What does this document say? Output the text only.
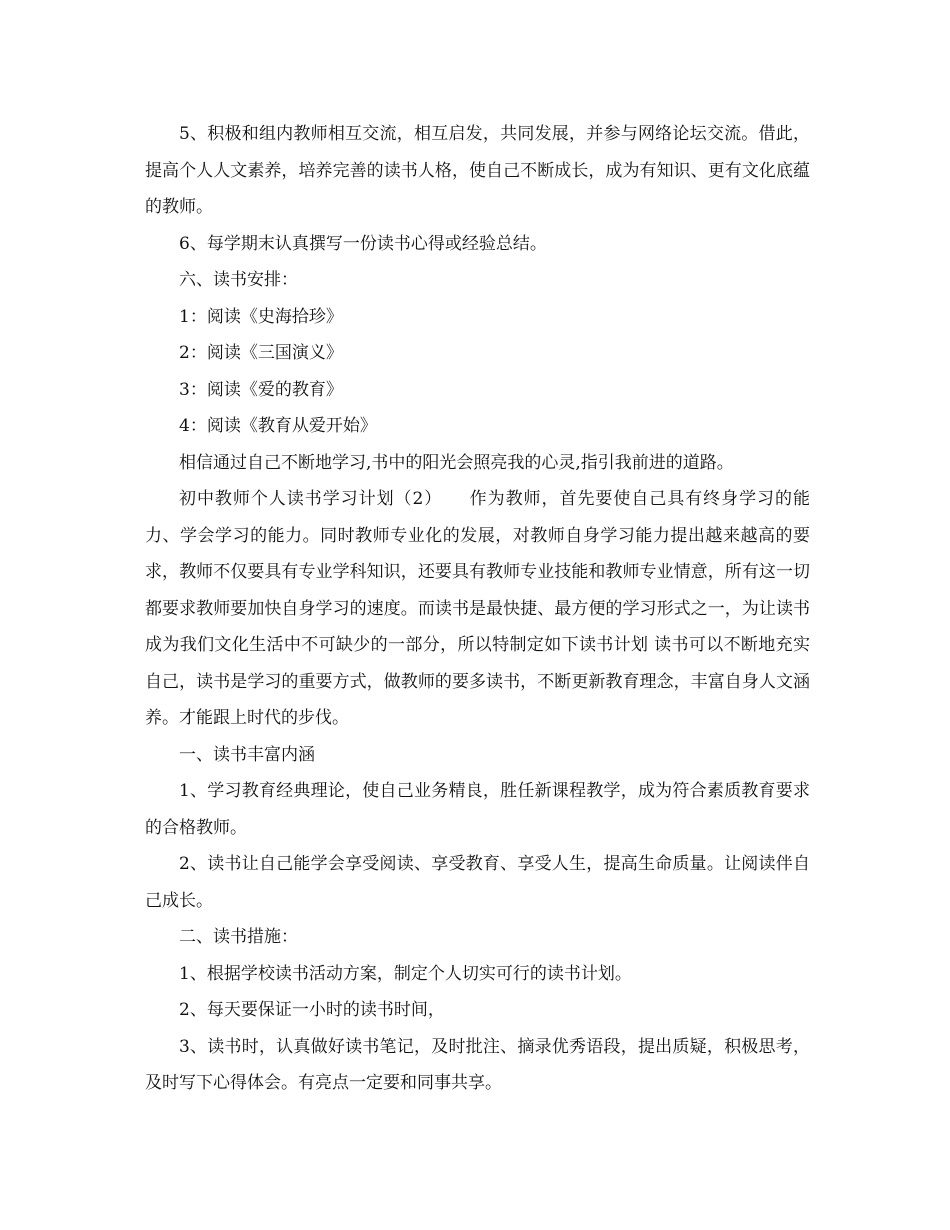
5、积极和组内教师相互交流，相互启发，共同发展，并参与网络论坛交流。借此，提高个人人文素养，培养完善的读书人格，使自己不断成长，成为有知识、更有文化底蕴的教师。

6、每学期末认真撰写一份读书心得或经验总结。

六、读书安排：

1：阅读《史海拾珍》

2：阅读《三国演义》

3：阅读《爱的教育》

4：阅读《教育从爱开始》

相信通过自己不断地学习,书中的阳光会照亮我的心灵,指引我前进的道路。

初中教师个人读书学习计划（2）　　作为教师，首先要使自己具有终身学习的能力、学会学习的能力。同时教师专业化的发展，对教师自身学习能力提出越来越高的要求，教师不仅要具有专业学科知识，还要具有教师专业技能和教师专业情意，所有这一切都要求教师要加快自身学习的速度。而读书是最快捷、最方便的学习形式之一，为让读书成为我们文化生活中不可缺少的一部分，所以特制定如下读书计划 读书可以不断地充实自己，读书是学习的重要方式，做教师的要多读书，不断更新教育理念，丰富自身人文涵养。才能跟上时代的步伐。

一、读书丰富内涵

1、学习教育经典理论，使自己业务精良，胜任新课程教学，成为符合素质教育要求的合格教师。

2、读书让自己能学会享受阅读、享受教育、享受人生，提高生命质量。让阅读伴自己成长。

二、读书措施：

1、根据学校读书活动方案，制定个人切实可行的读书计划。

2、每天要保证一小时的读书时间，

3、读书时，认真做好读书笔记，及时批注、摘录优秀语段，提出质疑，积极思考，及时写下心得体会。有亮点一定要和同事共享。
